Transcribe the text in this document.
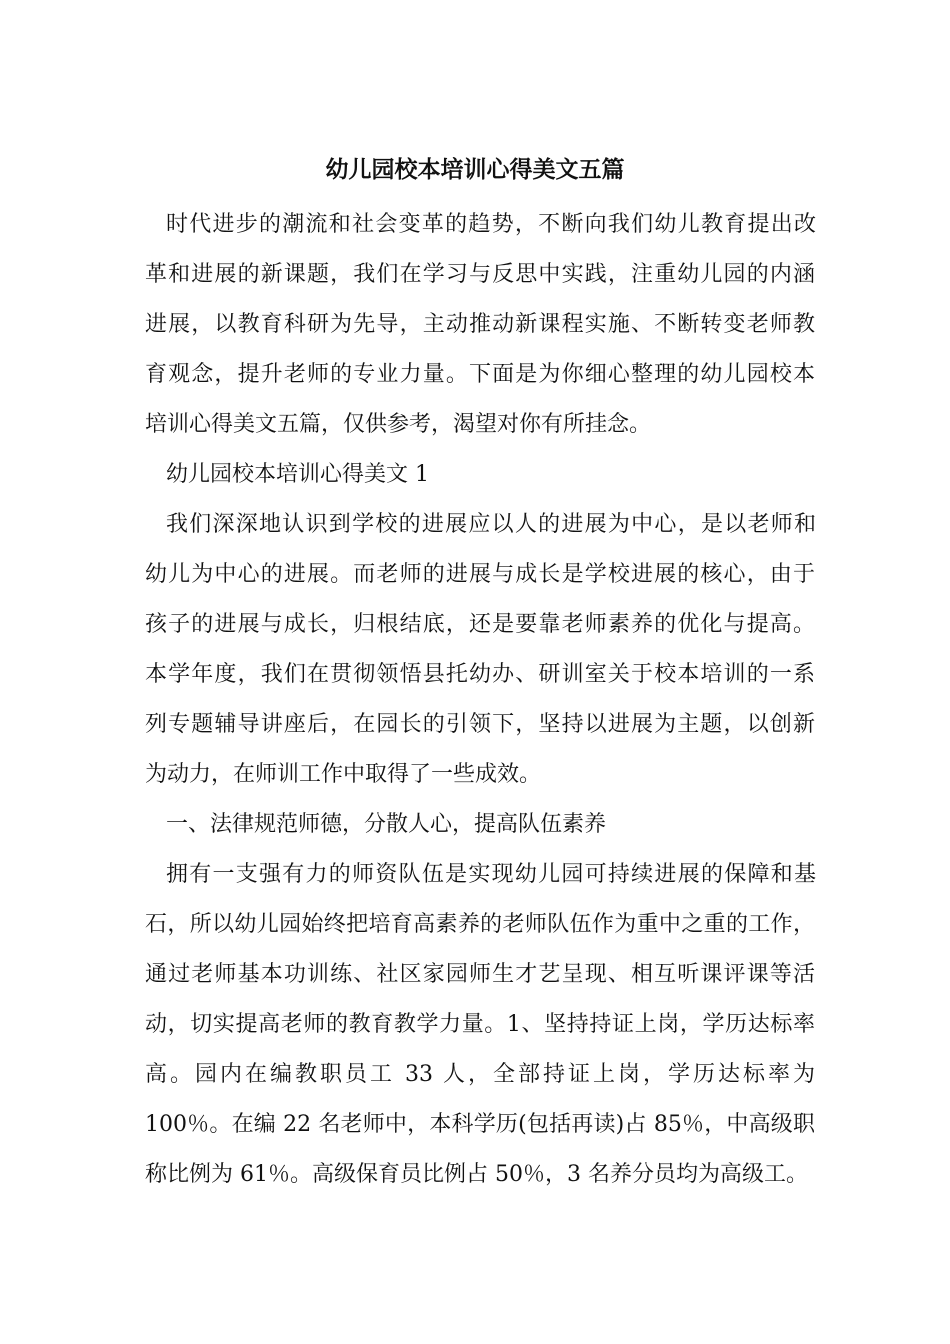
幼儿园校本培训心得美文五篇
时代进步的潮流和社会变革的趋势，不断向我们幼儿教育提出改
革和进展的新课题，我们在学习与反思中实践，注重幼儿园的内涵
进展，以教育科研为先导，主动推动新课程实施、不断转变老师教
育观念，提升老师的专业力量。下面是为你细心整理的幼儿园校本
培训心得美文五篇，仅供参考，渴望对你有所挂念。
幼儿园校本培训心得美文 1
我们深深地认识到学校的进展应以人的进展为中心，是以老师和
幼儿为中心的进展。而老师的进展与成长是学校进展的核心，由于
孩子的进展与成长，归根结底，还是要靠老师素养的优化与提高。
本学年度，我们在贯彻领悟县托幼办、研训室关于校本培训的一系
列专题辅导讲座后，在园长的引领下，坚持以进展为主题，以创新
为动力，在师训工作中取得了一些成效。
一、法律规范师德，分散人心，提高队伍素养
拥有一支强有力的师资队伍是实现幼儿园可持续进展的保障和基
石，所以幼儿园始终把培育高素养的老师队伍作为重中之重的工作，
通过老师基本功训练、社区家园师生才艺呈现、相互听课评课等活
动，切实提高老师的教育教学力量。1、坚持持证上岗，学历达标率
高。园内在编教职员工 33 人，全部持证上岗，学历达标率为
100％。在编 22 名老师中，本科学历(包括再读)占 85％，中高级职
称比例为 61％。高级保育员比例占 50％，3 名养分员均为高级工。
